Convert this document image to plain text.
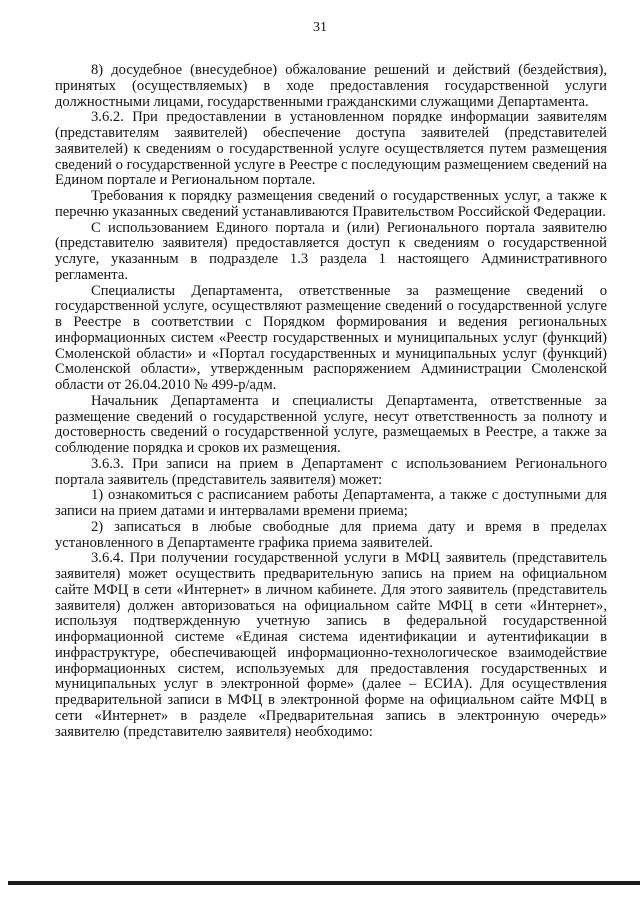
31

8) досудебное (внесудебное) обжалование решений и действий (бездействия), принятых (осуществляемых) в ходе предоставления государственной услуги должностными лицами, государственными гражданскими служащими Департамента.

3.6.2. При предоставлении в установленном порядке информации заявителям (представителям заявителей) обеспечение доступа заявителей (представителей заявителей) к сведениям о государственной услуге осуществляется путем размещения сведений о государственной услуге в Реестре с последующим размещением сведений на Едином портале и Региональном портале.

Требования к порядку размещения сведений о государственных услуг, а также к перечню указанных сведений устанавливаются Правительством Российской Федерации.

С использованием Единого портала и (или) Регионального портала заявителю (представителю заявителя) предоставляется доступ к сведениям о государственной услуге, указанным в подразделе 1.3 раздела 1 настоящего Административного регламента.

Специалисты Департамента, ответственные за размещение сведений о государственной услуге, осуществляют размещение сведений о государственной услуге в Реестре в соответствии с Порядком формирования и ведения региональных информационных систем «Реестр государственных и муниципальных услуг (функций) Смоленской области» и «Портал государственных и муниципальных услуг (функций) Смоленской области», утвержденным распоряжением Администрации Смоленской области от 26.04.2010 № 499-р/адм.

Начальник Департамента и специалисты Департамента, ответственные за размещение сведений о государственной услуге, несут ответственность за полноту и достоверность сведений о государственной услуге, размещаемых в Реестре, а также за соблюдение порядка и сроков их размещения.

3.6.3. При записи на прием в Департамент с использованием Регионального портала заявитель (представитель заявителя) может:

1) ознакомиться с расписанием работы Департамента, а также с доступными для записи на прием датами и интервалами времени приема;

2) записаться в любые свободные для приема дату и время в пределах установленного в Департаменте графика приема заявителей.

3.6.4. При получении государственной услуги в МФЦ заявитель (представитель заявителя) может осуществить предварительную запись на прием на официальном сайте МФЦ в сети «Интернет» в личном кабинете. Для этого заявитель (представитель заявителя) должен авторизоваться на официальном сайте МФЦ в сети «Интернет», используя подтвержденную учетную запись в федеральной государственной информационной системе «Единая система идентификации и аутентификации в инфраструктуре, обеспечивающей информационно-технологическое взаимодействие информационных систем, используемых для предоставления государственных и муниципальных услуг в электронной форме» (далее – ЕСИА). Для осуществления предварительной записи в МФЦ в электронной форме на официальном сайте МФЦ в сети «Интернет» в разделе «Предварительная запись в электронную очередь» заявителю (представителю заявителя) необходимо:
